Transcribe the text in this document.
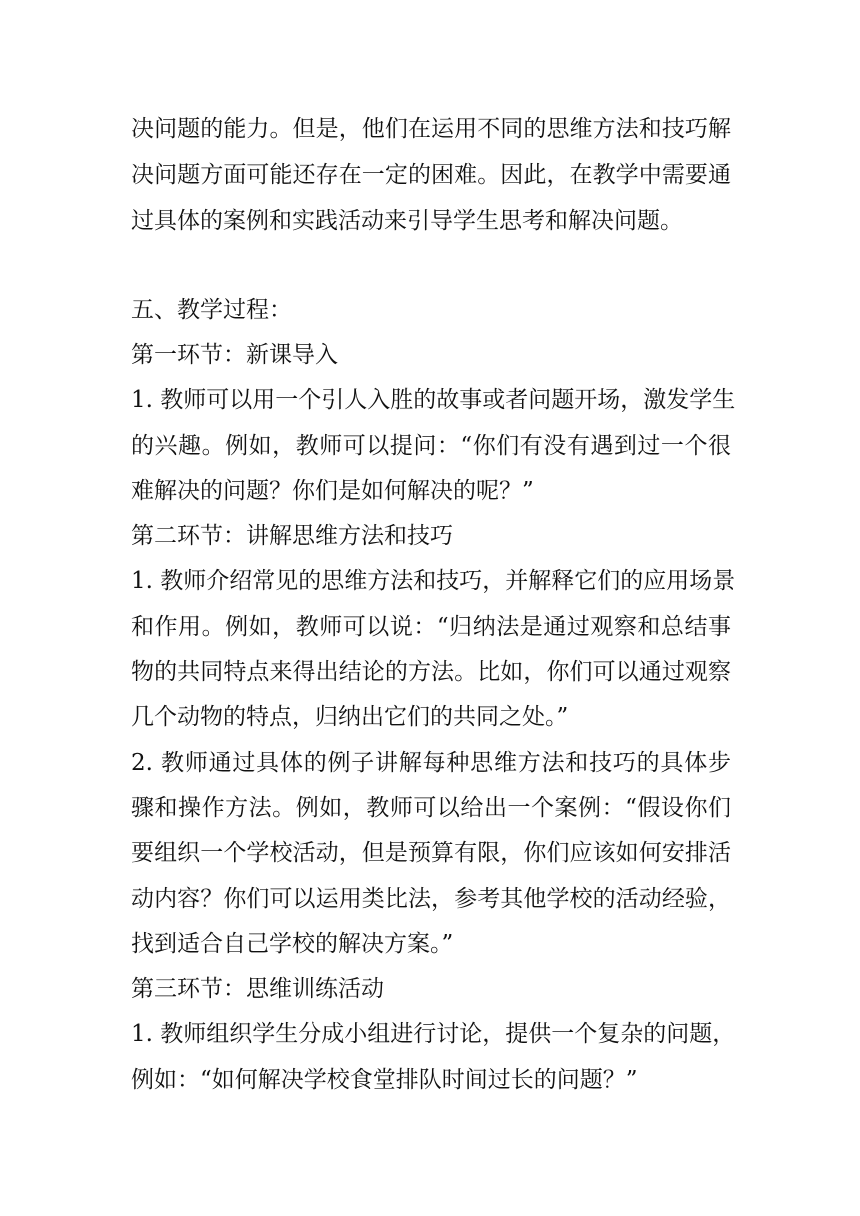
决问题的能力。但是，他们在运用不同的思维方法和技巧解
决问题方面可能还存在一定的困难。因此，在教学中需要通
过具体的案例和实践活动来引导学生思考和解决问题。
五、教学过程：
第一环节：新课导入
1. 教师可以用一个引人入胜的故事或者问题开场，激发学生
的兴趣。例如，教师可以提问：“你们有没有遇到过一个很
难解决的问题？你们是如何解决的呢？”
第二环节：讲解思维方法和技巧
1. 教师介绍常见的思维方法和技巧，并解释它们的应用场景
和作用。例如，教师可以说：“归纳法是通过观察和总结事
物的共同特点来得出结论的方法。比如，你们可以通过观察
几个动物的特点，归纳出它们的共同之处。”
2. 教师通过具体的例子讲解每种思维方法和技巧的具体步
骤和操作方法。例如，教师可以给出一个案例：“假设你们
要组织一个学校活动，但是预算有限，你们应该如何安排活
动内容？你们可以运用类比法，参考其他学校的活动经验，
找到适合自己学校的解决方案。”
第三环节：思维训练活动
1. 教师组织学生分成小组进行讨论，提供一个复杂的问题，
例如：“如何解决学校食堂排队时间过长的问题？”
